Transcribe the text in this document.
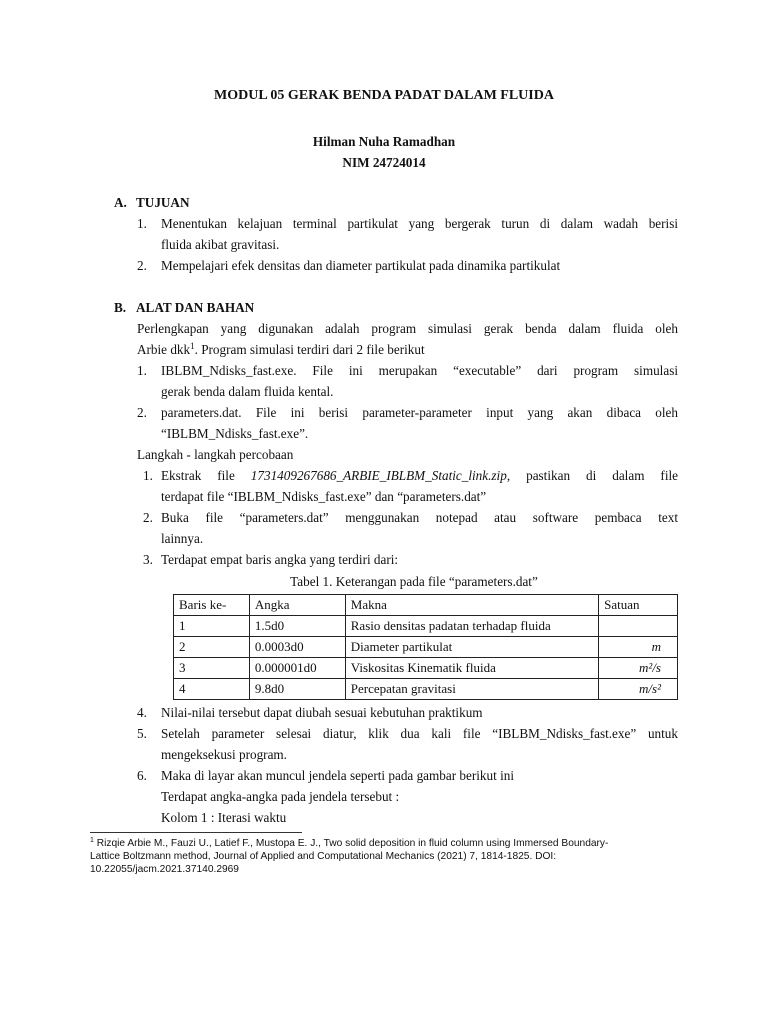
MODUL 05 GERAK BENDA PADAT DALAM FLUIDA
Hilman Nuha Ramadhan
NIM 24724014
A. TUJUAN
1. Menentukan kelajuan terminal partikulat yang bergerak turun di dalam wadah berisi
fluida akibat gravitasi.
2. Mempelajari efek densitas dan diameter partikulat pada dinamika partikulat
B. ALAT DAN BAHAN
Perlengkapan yang digunakan adalah program simulasi gerak benda dalam fluida oleh
Arbie dkk$^1$. Program simulasi terdiri dari 2 file berikut
1. IBLBM_Ndisks_fast.exe. File ini merupakan “executable” dari program simulasi
gerak benda dalam fluida kental.
2. parameters.dat. File ini berisi parameter-parameter input yang akan dibaca oleh
“IBLBM_Ndisks_fast.exe”.
Langkah - langkah percobaan
1. Ekstrak file 1731409267686_ARBIE_IBLBM_Static_link.zip, pastikan di dalam file
terdapat file “IBLBM_Ndisks_fast.exe” dan “parameters.dat”
2. Buka file “parameters.dat” menggunakan notepad atau software pembaca text
lainnya.
3. Terdapat empat baris angka yang terdiri dari:
Tabel 1. Keterangan pada file “parameters.dat”
Baris ke-	Angka	Makna	Satuan
1	1.5d0	Rasio densitas padatan terhadap fluida	
2	0.0003d0	Diameter partikulat	m
3	0.000001d0	Viskositas Kinematik fluida	m²/s
4	9.8d0	Percepatan gravitasi	m/s²
4. Nilai-nilai tersebut dapat diubah sesuai kebutuhan praktikum
5. Setelah parameter selesai diatur, klik dua kali file “IBLBM_Ndisks_fast.exe” untuk
mengeksekusi program.
6. Maka di layar akan muncul jendela seperti pada gambar berikut ini
Terdapat angka-angka pada jendela tersebut :
Kolom 1 : Iterasi waktu
$^1$ Rizqie Arbie M., Fauzi U., Latief F., Mustopa E. J., Two solid deposition in fluid column using Immersed Boundary-
Lattice Boltzmann method, Journal of Applied and Computational Mechanics (2021) 7, 1814-1825. DOI:
10.22055/jacm.2021.37140.2969
